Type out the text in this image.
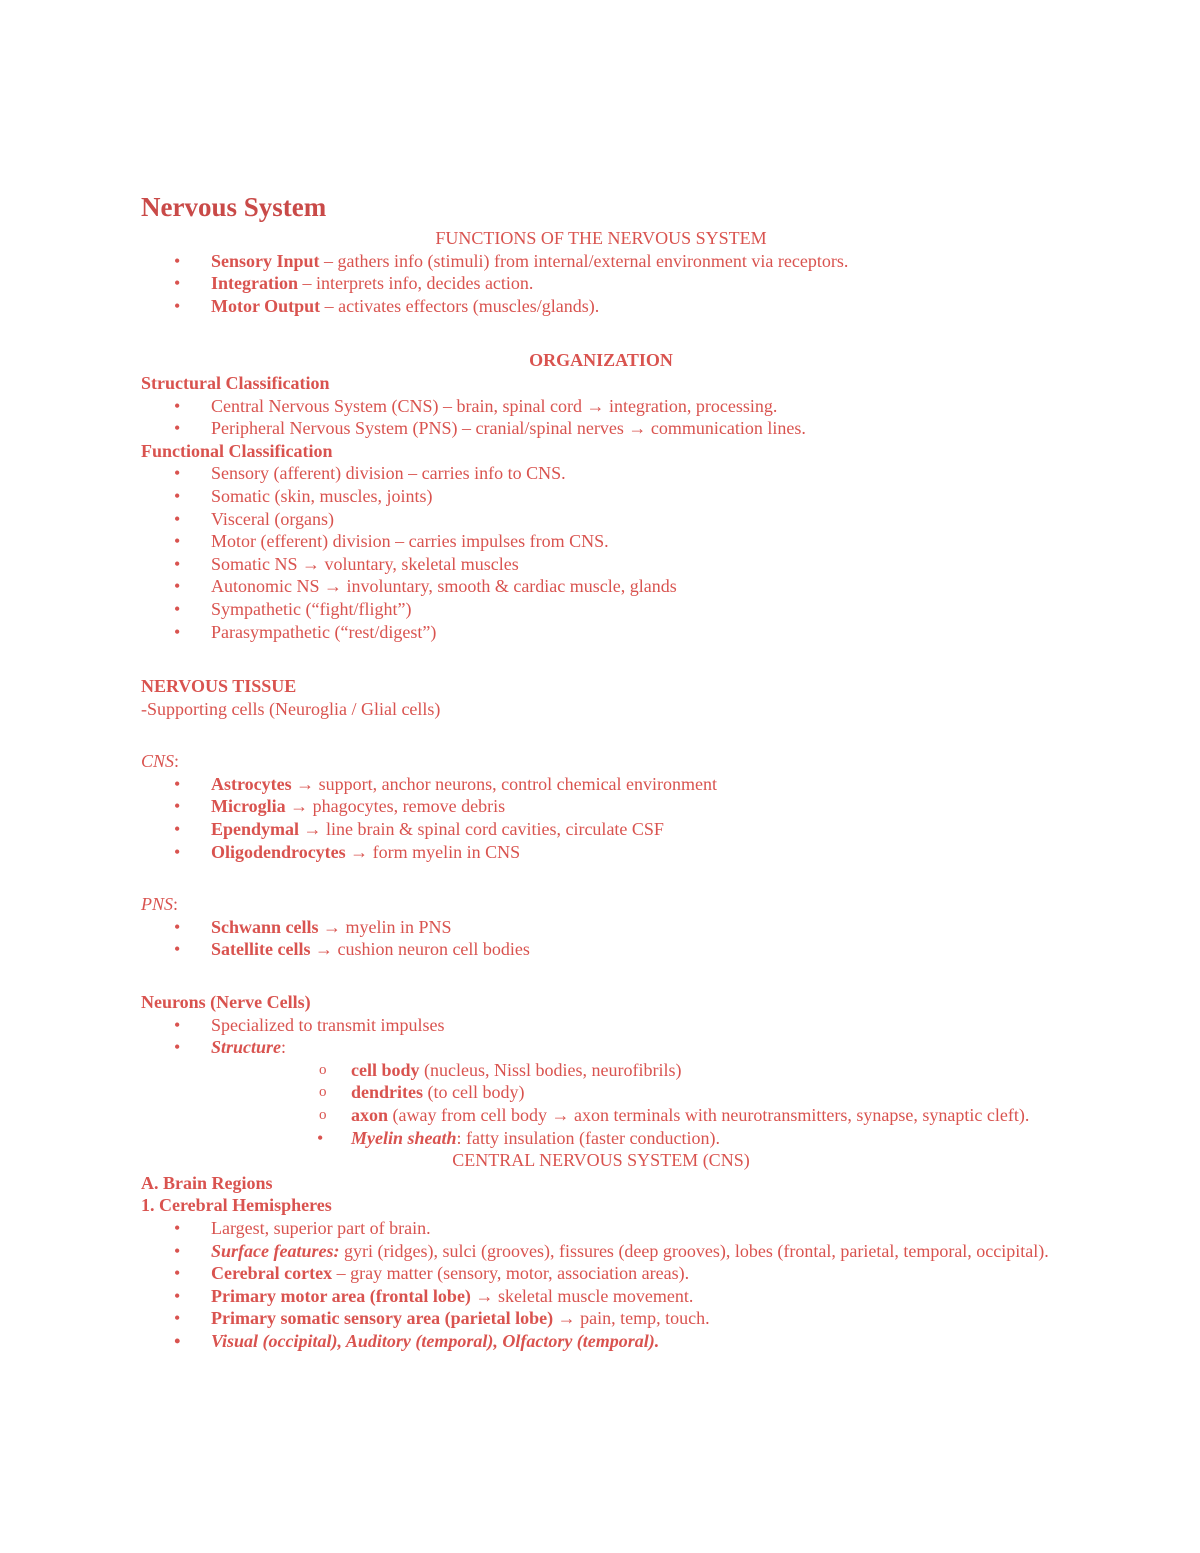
Nervous System

FUNCTIONS OF THE NERVOUS SYSTEM

• Sensory Input – gathers info (stimuli) from internal/external environment via receptors.
• Integration – interprets info, decides action.
• Motor Output – activates effectors (muscles/glands).

ORGANIZATION

Structural Classification

• Central Nervous System (CNS) – brain, spinal cord → integration, processing.
• Peripheral Nervous System (PNS) – cranial/spinal nerves → communication lines.

Functional Classification

• Sensory (afferent) division – carries info to CNS.
• Somatic (skin, muscles, joints)
• Visceral (organs)
• Motor (efferent) division – carries impulses from CNS.
• Somatic NS → voluntary, skeletal muscles
• Autonomic NS → involuntary, smooth & cardiac muscle, glands
• Sympathetic (“fight/flight”)
• Parasympathetic (“rest/digest”)

NERVOUS TISSUE

-Supporting cells (Neuroglia / Glial cells)

CNS:

• Astrocytes → support, anchor neurons, control chemical environment
• Microglia → phagocytes, remove debris
• Ependymal → line brain & spinal cord cavities, circulate CSF
• Oligodendrocytes → form myelin in CNS

PNS:

• Schwann cells → myelin in PNS
• Satellite cells → cushion neuron cell bodies

Neurons (Nerve Cells)

• Specialized to transmit impulses
• Structure:
o cell body (nucleus, Nissl bodies, neurofibrils)
o dendrites (to cell body)
o axon (away from cell body → axon terminals with neurotransmitters, synapse, synaptic cleft).
• Myelin sheath: fatty insulation (faster conduction).

CENTRAL NERVOUS SYSTEM (CNS)

A. Brain Regions

1. Cerebral Hemispheres

• Largest, superior part of brain.
• Surface features: gyri (ridges), sulci (grooves), fissures (deep grooves), lobes (frontal, parietal, temporal, occipital).
• Cerebral cortex – gray matter (sensory, motor, association areas).
• Primary motor area (frontal lobe) → skeletal muscle movement.
• Primary somatic sensory area (parietal lobe) → pain, temp, touch.
• Visual (occipital), Auditory (temporal), Olfactory (temporal).
